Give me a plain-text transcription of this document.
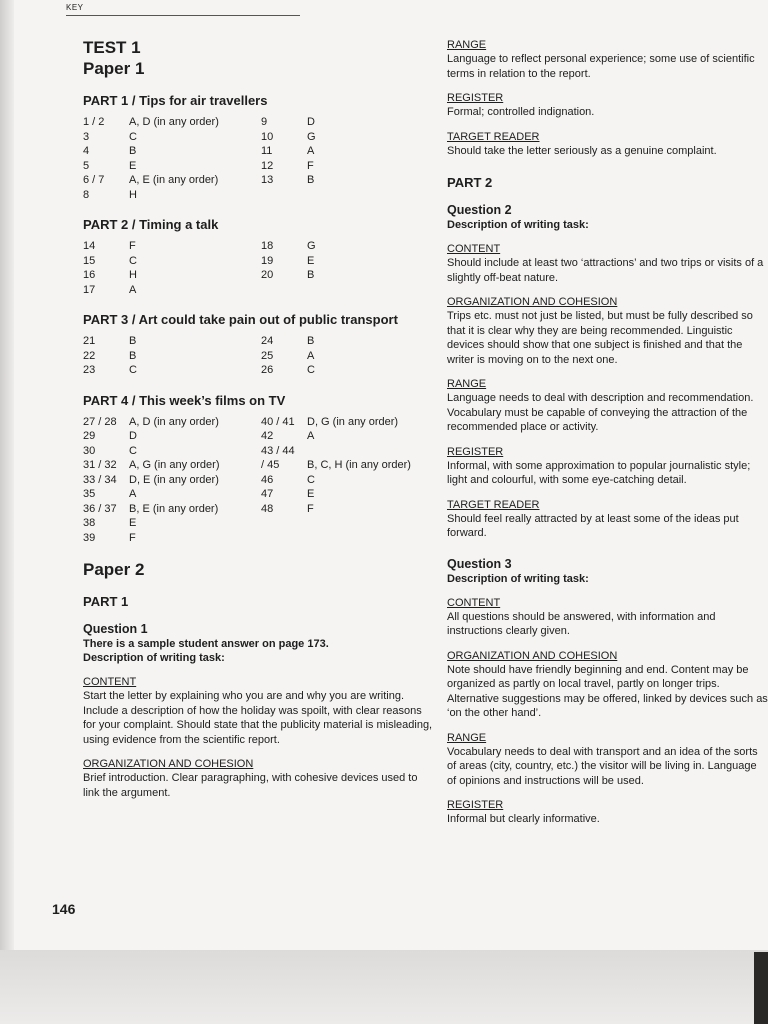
KEY
TEST 1
Paper 1
PART 1 / Tips for air travellers
1 / 2	A, D (in any order)	9	D
3	C	10	G
4	B	11	A
5	E	12	F
6 / 7	A, E (in any order)	13	B
8	H
PART 2 / Timing a talk
14	F	18	G
15	C	19	E
16	H	20	B
17	A
PART 3 / Art could take pain out of public transport
21	B	24	B
22	B	25	A
23	C	26	C
PART 4 / This week’s films on TV
27 / 28	A, D (in any order)	40 / 41	D, G (in any order)
29	D	42	A
30	C	43 / 44
31 / 32	A, G (in any order)	/ 45	B, C, H (in any order)
33 / 34	D, E (in any order)	46	C
35	A	47	E
36 / 37	B, E (in any order)	48	F
38	E
39	F
Paper 2
PART 1
Question 1
There is a sample student answer on page 173.
Description of writing task:
CONTENT

Start the letter by explaining who you are and why you are writing. Include a description of how the holiday was spoilt, with clear reasons for your complaint. Should state that the publicity material is misleading, using evidence from the scientific report.

ORGANIZATION AND COHESION

Brief introduction. Clear paragraphing, with cohesive devices used to link the argument.

RANGE

Language to reflect personal experience; some use of scientific terms in relation to the report.

REGISTER

Formal; controlled indignation.

TARGET READER

Should take the letter seriously as a genuine complaint.

PART 2
Question 2
Description of writing task:
CONTENT

Should include at least two ‘attractions’ and two trips or visits of a slightly off-beat nature.

ORGANIZATION AND COHESION

Trips etc. must not just be listed, but must be fully described so that it is clear why they are being recommended. Linguistic devices should show that one subject is finished and that the writer is moving on to the next one.

RANGE

Language needs to deal with description and recommendation. Vocabulary must be capable of conveying the attraction of the recommended place or activity.

REGISTER

Informal, with some approximation to popular journalistic style; light and colourful, with some eye-catching detail.

TARGET READER

Should feel really attracted by at least some of the ideas put forward.

Question 3
Description of writing task:
CONTENT

All questions should be answered, with information and instructions clearly given.

ORGANIZATION AND COHESION

Note should have friendly beginning and end. Content may be organized as partly on local travel, partly on longer trips. Alternative suggestions may be offered, linked by devices such as ‘on the other hand’.

RANGE

Vocabulary needs to deal with transport and an idea of the sorts of areas (city, country, etc.) the visitor will be living in. Language of opinions and instructions will be used.

REGISTER

Informal but clearly informative.

146
